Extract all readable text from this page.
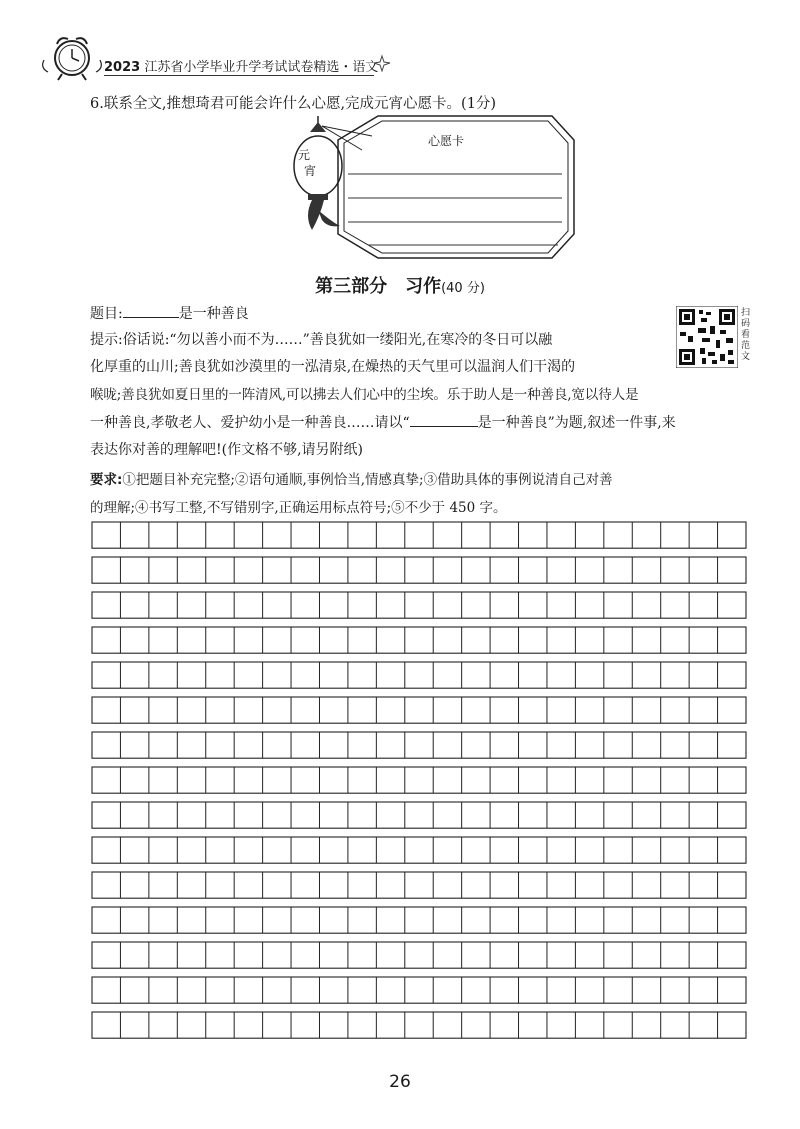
2023 江苏省小学毕业升学考试试卷精选・语文
6.联系全文,推想琦君可能会许什么心愿,完成元宵心愿卡。(1分)
元
宵
心愿卡
第三部分　习作(40 分)
题目:	是一种善良	扫码看范文
提示:俗话说:“勿以善小而不为……”善良犹如一缕阳光,在寒冷的冬日可以融
化厚重的山川;善良犹如沙漠里的一泓清泉,在燥热的天气里可以温润人们干渴的
喉咙;善良犹如夏日里的一阵清风,可以拂去人们心中的尘埃。乐于助人是一种善良,宽以待人是
一种善良,孝敬老人、爱护幼小是一种善良……请以“	是一种善良”为题,叙述一件事,来
表达你对善的理解吧!(作文格不够,请另附纸)
要求:①把题目补充完整;②语句通顺,事例恰当,情感真挚;③借助具体的事例说清自己对善
的理解;④书写工整,不写错别字,正确运用标点符号;⑤不少于 450 字。
26
